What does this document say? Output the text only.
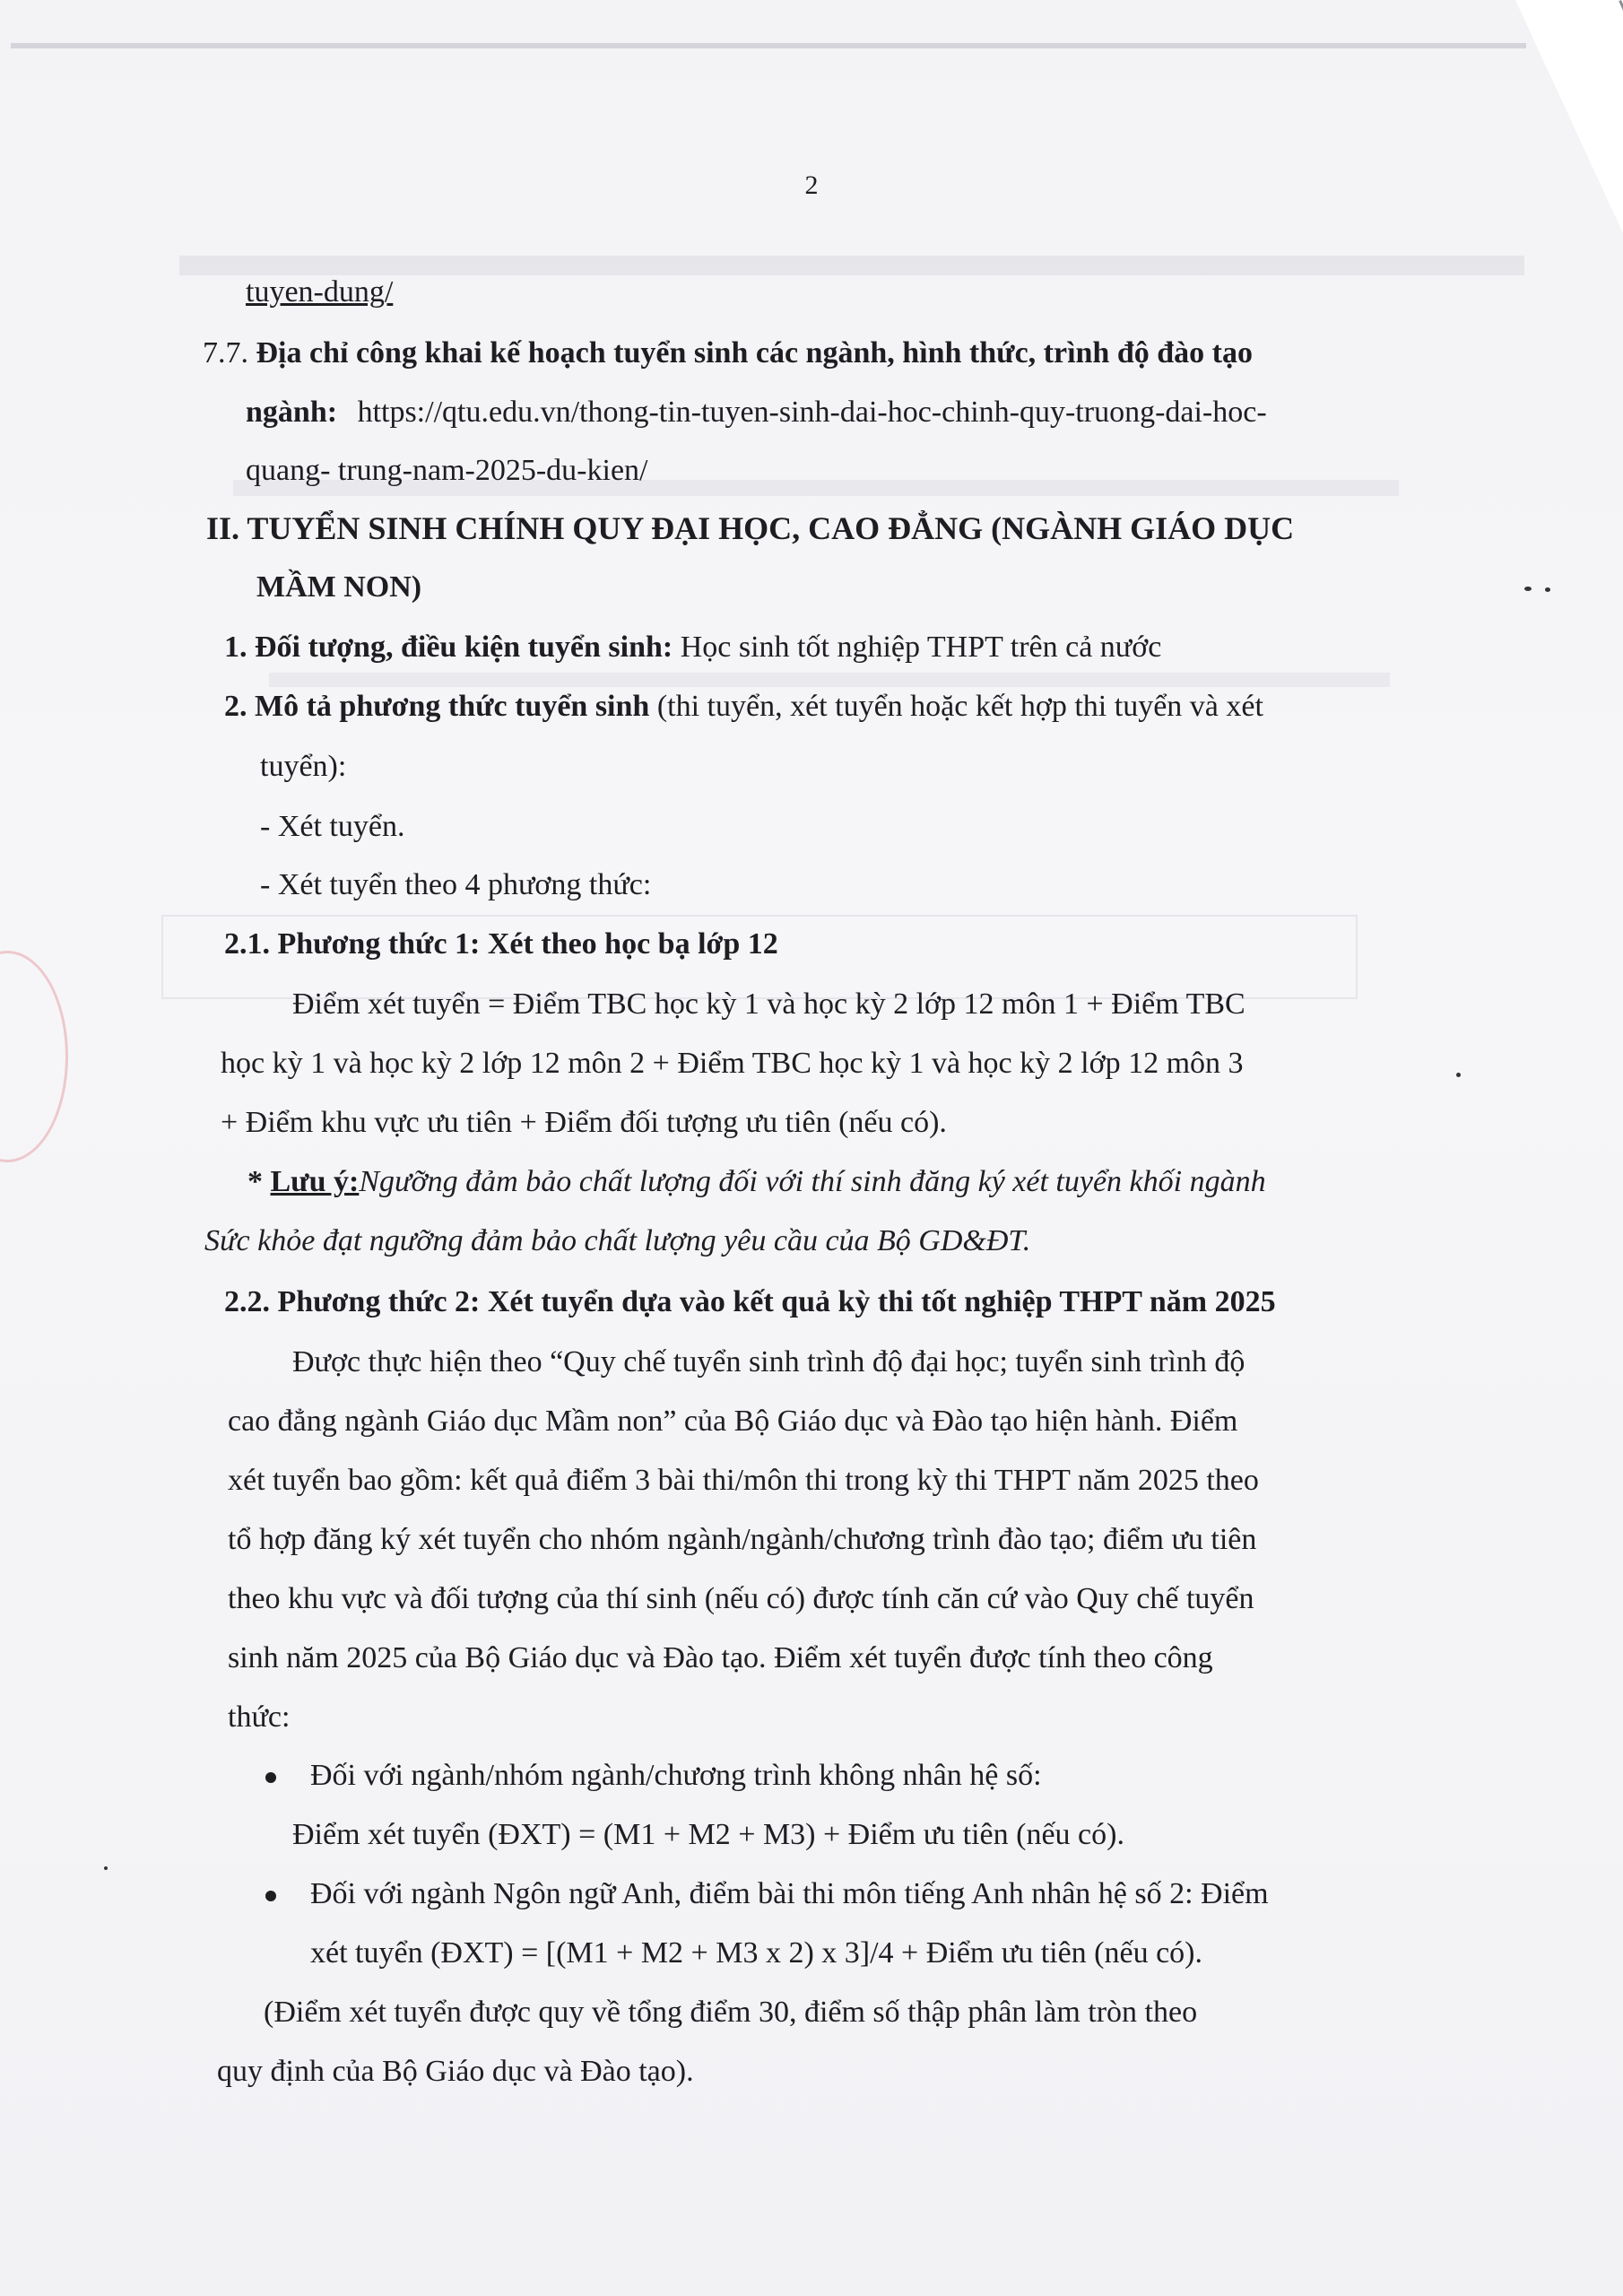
2
tuyen-dung/
7.7. Địa chỉ công khai kế hoạch tuyển sinh các ngành, hình thức, trình độ đào tạo
ngành: https://qtu.edu.vn/thong-tin-tuyen-sinh-dai-hoc-chinh-quy-truong-dai-hoc-
quang- trung-nam-2025-du-kien/
II. TUYỂN SINH CHÍNH QUY ĐẠI HỌC, CAO ĐẲNG (NGÀNH GIÁO DỤC
MẦM NON)
1. Đối tượng, điều kiện tuyển sinh: Học sinh tốt nghiệp THPT trên cả nước
2. Mô tả phương thức tuyển sinh (thi tuyển, xét tuyển hoặc kết hợp thi tuyển và xét
tuyển):
- Xét tuyển.
- Xét tuyển theo 4 phương thức:
2.1. Phương thức 1: Xét theo học bạ lớp 12
Điểm xét tuyển = Điểm TBC học kỳ 1 và học kỳ 2 lớp 12 môn 1 + Điểm TBC
học kỳ 1 và học kỳ 2 lớp 12 môn 2 + Điểm TBC học kỳ 1 và học kỳ 2 lớp 12 môn 3
+ Điểm khu vực ưu tiên + Điểm đối tượng ưu tiên (nếu có).
* Lưu ý:Ngưỡng đảm bảo chất lượng đối với thí sinh đăng ký xét tuyển khối ngành
Sức khỏe đạt ngưỡng đảm bảo chất lượng yêu cầu của Bộ GD&ĐT.
2.2. Phương thức 2: Xét tuyển dựa vào kết quả kỳ thi tốt nghiệp THPT năm 2025
Được thực hiện theo “Quy chế tuyển sinh trình độ đại học; tuyển sinh trình độ
cao đẳng ngành Giáo dục Mầm non” của Bộ Giáo dục và Đào tạo hiện hành. Điểm
xét tuyển bao gồm: kết quả điểm 3 bài thi/môn thi trong kỳ thi THPT năm 2025 theo
tổ hợp đăng ký xét tuyển cho nhóm ngành/ngành/chương trình đào tạo; điểm ưu tiên
theo khu vực và đối tượng của thí sinh (nếu có) được tính căn cứ vào Quy chế tuyển
sinh năm 2025 của Bộ Giáo dục và Đào tạo. Điểm xét tuyển được tính theo công
thức:
Đối với ngành/nhóm ngành/chương trình không nhân hệ số:
Điểm xét tuyển (ĐXT) = (M1 + M2 + M3) + Điểm ưu tiên (nếu có).
Đối với ngành Ngôn ngữ Anh, điểm bài thi môn tiếng Anh nhân hệ số 2: Điểm
xét tuyển (ĐXT) = [(M1 + M2 + M3 x 2) x 3]/4 + Điểm ưu tiên (nếu có).
(Điểm xét tuyển được quy về tổng điểm 30, điểm số thập phân làm tròn theo
quy định của Bộ Giáo dục và Đào tạo).
